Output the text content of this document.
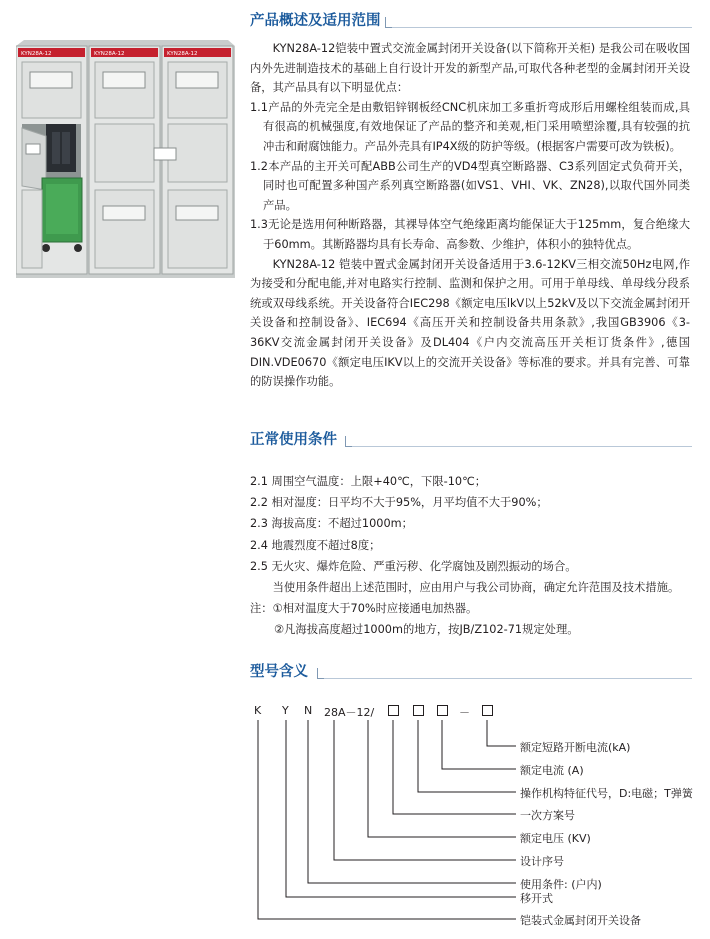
产品概述及适用范围
KYN28A-12	KYN28A-12	KYN28A-12	KYN28A-12铠装中置式交流金属封闭开关设备(以下简称开关柜) 是我公司在吸收国内外先进制造技术的基础上自行设计开发的新型产品,可取代各种老型的金属封闭开关设备，其产品具有以下明显优点：

1.1产品的外壳完全是由敷铝锌钢板经CNC机床加工多重折弯成形后用螺栓组装而成,具有很高的机械强度,有效地保证了产品的整齐和美观,柜门采用喷塑涂覆,具有较强的抗冲击和耐腐蚀能力。产品外壳具有IP4X级的防护等级。(根据客户需要可改为铁板)。

1.2本产品的主开关可配ABB公司生产的VD4型真空断路器、C3系列固定式负荷开关，同时也可配置多种国产系列真空断路器(如VS1、VHI、VK、ZN28),以取代国外同类产品。

1.3无论是选用何种断路器，其裸导体空气绝缘距离均能保证大于125mm，复合绝缘大于60mm。其断路器均具有长寿命、高参数、少维护，体积小的独特优点。

KYN28A-12 铠装中置式金属封闭开关设备适用于3.6-12KV三相交流50Hz电网,作为接受和分配电能,并对电路实行控制、监测和保护之用。可用于单母线、单母线分段系统或双母线系统。开关设备符合IEC298《额定电压lkV以上52kV及以下交流金属封闭开关设备和控制设备》、IEC694《高压开关和控制设备共用条款》,我国GB3906《3-36KV交流金属封闭开关设备》及DL404《户内交流高压开关柜订货条件》,德国DIN.VDE0670《额定电压IKV以上的交流开关设备》等标准的要求。并具有完善、可靠的防误操作功能。

正常使用条件

2.1 周围空气温度：上限+40℃，下限-10℃；

2.2 相对湿度：日平均不大于95%，月平均值不大于90%；

2.3 海拔高度：不超过1000m；

2.4 地震烈度不超过8度；

2.5 无火灾、爆炸危险、严重污秽、化学腐蚀及剧烈振动的场合。

当使用条件超出上述范围时，应由用户与我公司协商，确定允许范围及技术措施。

注：①相对温度大于70%时应接通电加热器。

②凡海拔高度超过1000m的地方，按JB/Z102-71规定处理。

型号含义
K Y N 28A－12/	－
额定短路开断电流(kA)
额定电流 (A)
操作机构特征代号，D:电磁；T弹簧
一次方案号
额定电压 (KV)
设计序号
使用条件: (户内)
移开式
铠装式金属封闭开关设备
